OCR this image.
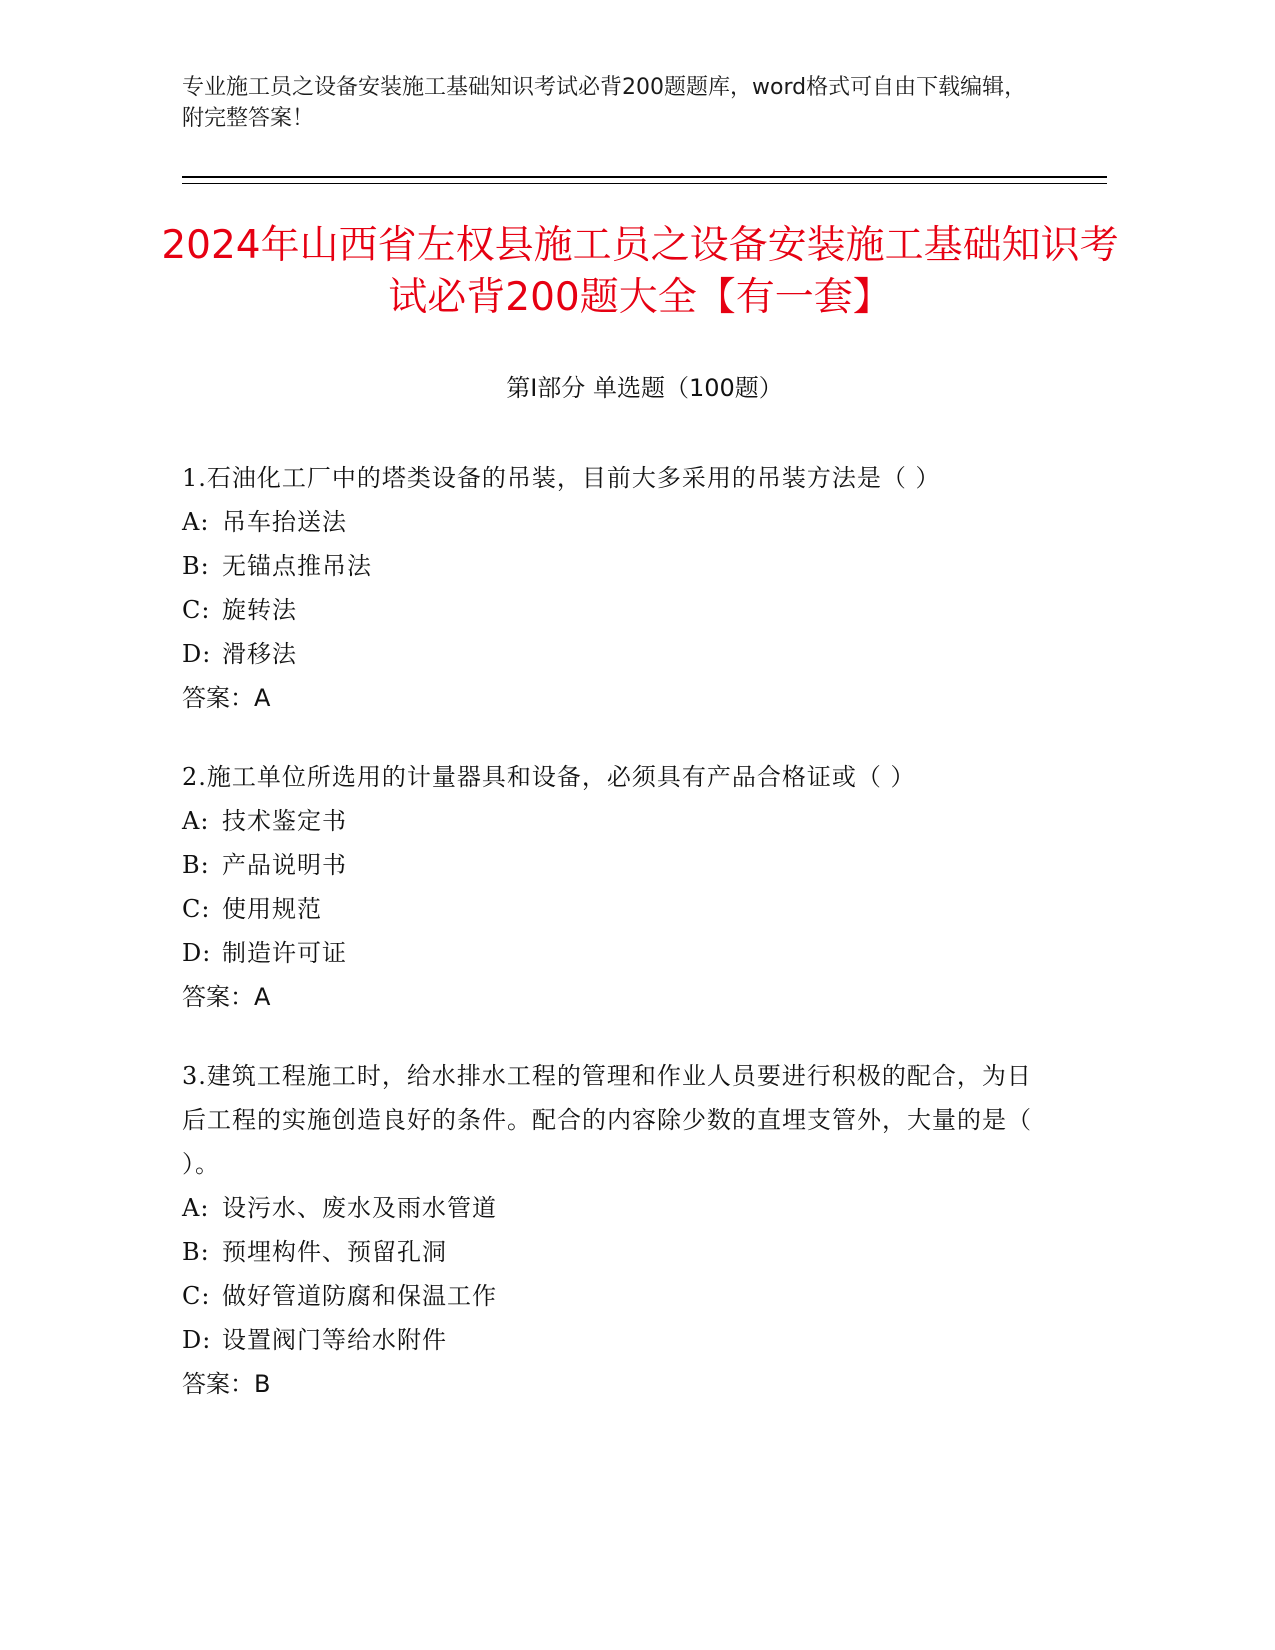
专业施工员之设备安装施工基础知识考试必背200题题库，word格式可自由下载编辑，附完整答案！
2024年山西省左权县施工员之设备安装施工基础知识考试必背200题大全【有一套】
第Ⅰ部分 单选题（100题）
1.石油化工厂中的塔类设备的吊装，目前大多采用的吊装方法是（ ）
A: 吊车抬送法
B: 无锚点推吊法
C: 旋转法
D: 滑移法
答案：A
2.施工单位所选用的计量器具和设备，必须具有产品合格证或（ ）
A: 技术鉴定书
B: 产品说明书
C: 使用规范
D: 制造许可证
答案：A
3.建筑工程施工时，给水排水工程的管理和作业人员要进行积极的配合，为日后工程的实施创造良好的条件。配合的内容除少数的直埋支管外，大量的是（ ）。
A: 设污水、废水及雨水管道
B: 预埋构件、预留孔洞
C: 做好管道防腐和保温工作
D: 设置阀门等给水附件
答案：B
